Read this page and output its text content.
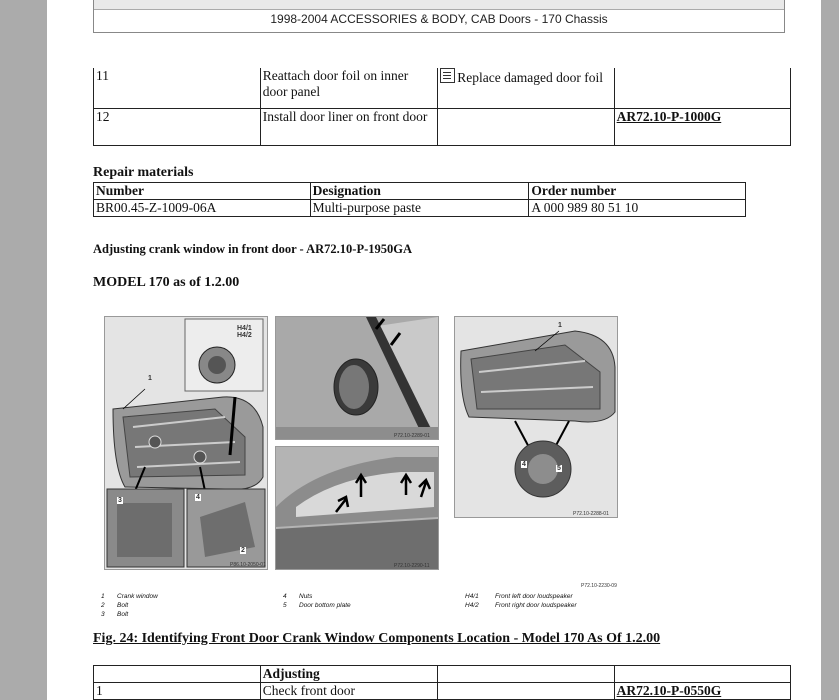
1998-2004 ACCESSORIES & BODY, CAB Doors - 170 Chassis
11	Reattach door foil on inner door panel	Replace damaged door foil	
12	Install door liner on front door		AR72.10-P-1000G
Repair materials
Number	Designation	Order number
BR00.45-Z-1009-06A	Multi-purpose paste	A 000 989 80 51 10
Adjusting crank window in front door - AR72.10-P-1950GA
MODEL 170 as of 1.2.00
H4/1
H4/2
1
3	4
2
P86.10-2050-01
P72.10-2289-01
P72.10-2290-11
1
4
5
P72.10-2288-01
P72.10-2230-09
1 Crank window
2 Bolt
3 Bolt
4 Nuts
5 Door bottom plate
H4/1	Front left door loudspeaker
H4/2	Front right door loudspeaker
Fig. 24: Identifying Front Door Crank Window Components Location - Model 170 As Of 1.2.00
	Adjusting		
1	Check front door		AR72.10-P-0550G
